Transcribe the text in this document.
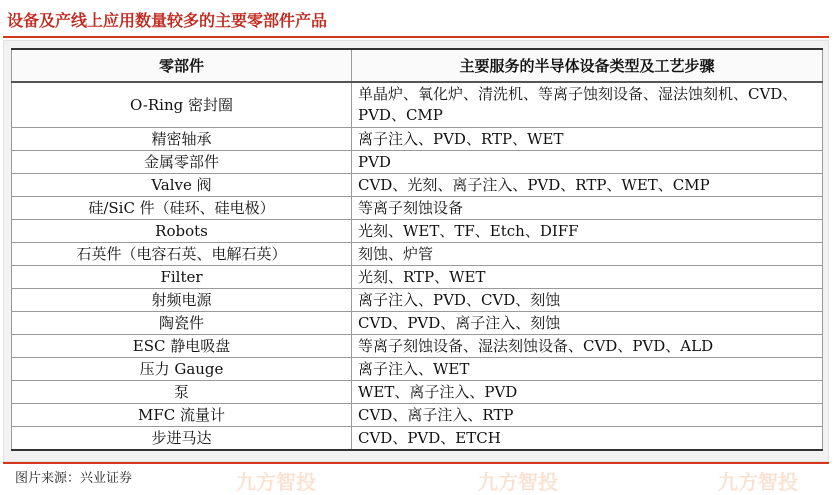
设备及产线上应用数量较多的主要零部件产品
零部件	主要服务的半导体设备类型及工艺步骤
O-Ring 密封圈	单晶炉、氧化炉、清洗机、等离子蚀刻设备、湿法蚀刻机、CVD、PVD、CMP
精密轴承	离子注入、PVD、RTP、WET
金属零部件	PVD
Valve 阀	CVD、光刻、离子注入、PVD、RTP、WET、CMP
硅/SiC 件（硅环、硅电极）	等离子刻蚀设备
Robots	光刻、WET、TF、Etch、DIFF
石英件（电容石英、电解石英）	刻蚀、炉管
Filter	光刻、RTP、WET
射频电源	离子注入、PVD、CVD、刻蚀
陶瓷件	CVD、PVD、离子注入、刻蚀
ESC 静电吸盘	等离子刻蚀设备、湿法刻蚀设备、CVD、PVD、ALD
压力 Gauge	离子注入、WET
泵	WET、离子注入、PVD
MFC 流量计	CVD、离子注入、RTP
步进马达	CVD、PVD、ETCH
图片来源：兴业证券	九方智投	九方智投	九方智投
